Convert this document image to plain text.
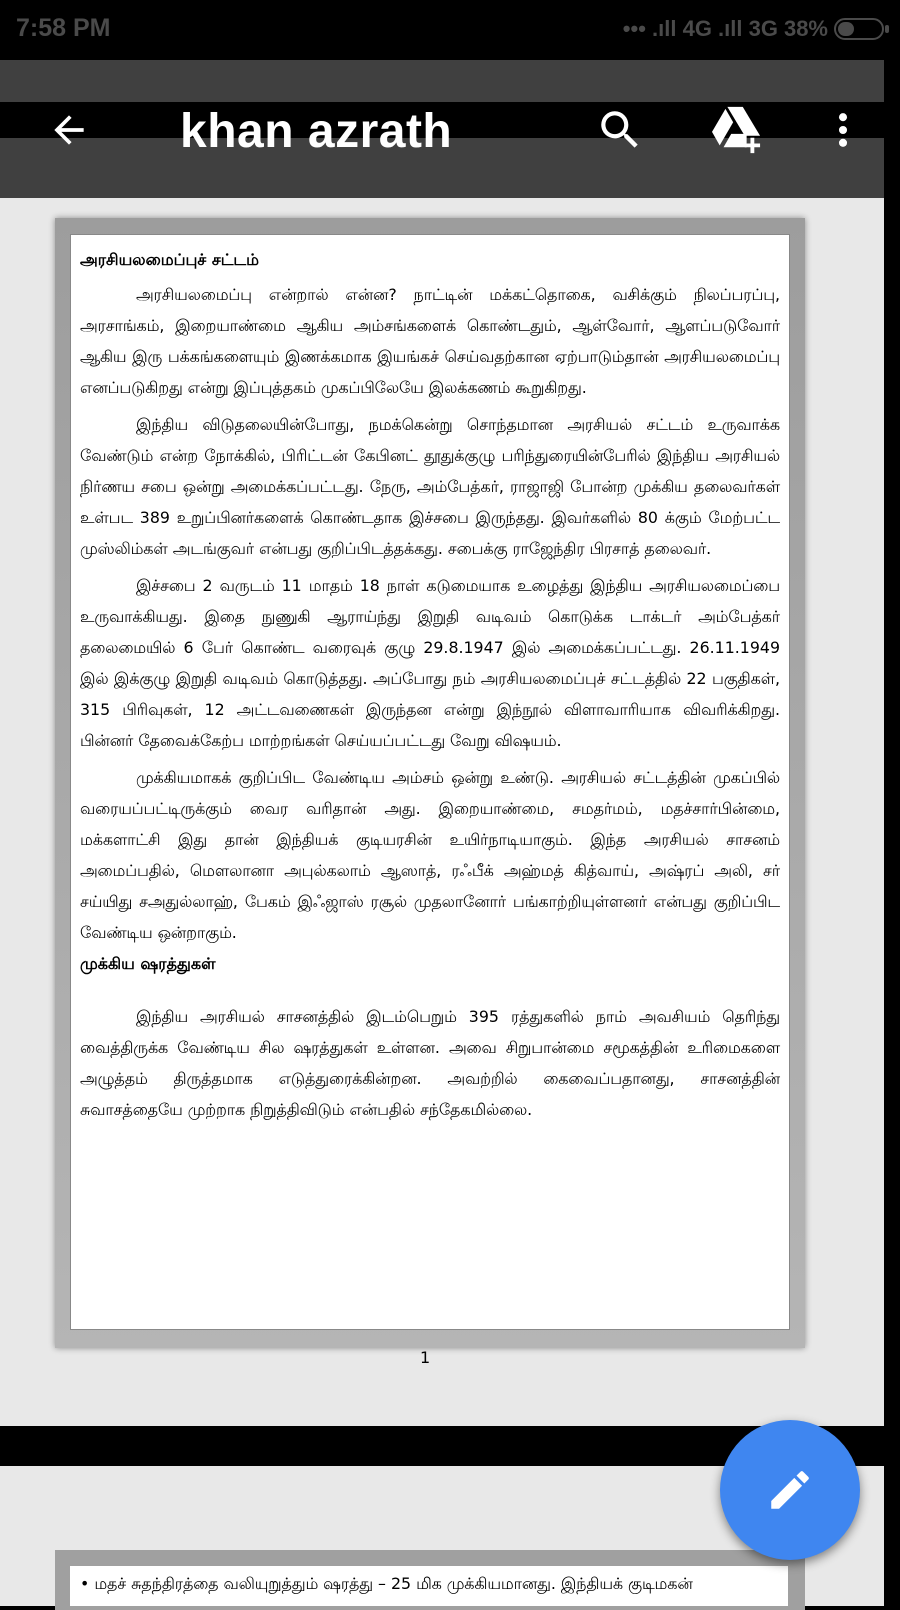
7:58 PM	••• .ıll 4G .ıll 3G 38%
khan azrath
அரசியலமைப்புச் சட்டம்

அரசியலமைப்பு என்றால் என்ன? நாட்டின் மக்கட்தொகை, வசிக்கும் நிலப்பரப்பு, அரசாங்கம், இறையாண்மை ஆகிய அம்சங்களைக் கொண்டதும், ஆள்வோர், ஆளப்படுவோர் ஆகிய இரு பக்கங்களையும் இணக்கமாக இயங்கச் செய்வதற்கான ஏற்பாடும்தான் அரசியலமைப்பு எனப்படுகிறது என்று இப்புத்தகம் முகப்பிலேயே இலக்கணம் கூறுகிறது.

இந்திய விடுதலையின்போது, நமக்கென்று சொந்தமான அரசியல் சட்டம் உருவாக்க வேண்டும் என்ற நோக்கில், பிரிட்டன் கேபினட் தூதுக்குழு பரிந்துரையின்பேரில் இந்திய அரசியல் நிர்ணய சபை ஒன்று அமைக்கப்பட்டது. நேரு, அம்பேத்கர், ராஜாஜி போன்ற முக்கிய தலைவர்கள் உள்பட 389 உறுப்பினர்களைக் கொண்டதாக இச்சபை இருந்தது. இவர்களில் 80 க்கும் மேற்பட்ட முஸ்லிம்கள் அடங்குவர் என்பது குறிப்பிடத்தக்கது. சபைக்கு ராஜேந்திர பிரசாத் தலைவர்.

இச்சபை 2 வருடம் 11 மாதம் 18 நாள் கடுமையாக உழைத்து இந்திய அரசியலமைப்பை உருவாக்கியது. இதை நுணுகி ஆராய்ந்து இறுதி வடிவம் கொடுக்க டாக்டர் அம்பேத்கர் தலைமையில் 6 பேர் கொண்ட வரைவுக் குழு 29.8.1947 இல் அமைக்கப்பட்டது. 26.11.1949 இல் இக்குழு இறுதி வடிவம் கொடுத்தது. அப்போது நம் அரசியலமைப்புச் சட்டத்தில் 22 பகுதிகள், 315 பிரிவுகள், 12 அட்டவணைகள் இருந்தன என்று இந்நூல் விளாவாரியாக விவரிக்கிறது. பின்னர் தேவைக்கேற்ப மாற்றங்கள் செய்யப்பட்டது வேறு விஷயம்.

முக்கியமாகக் குறிப்பிட வேண்டிய அம்சம் ஒன்று உண்டு. அரசியல் சட்டத்தின் முகப்பில் வரையப்பட்டிருக்கும் வைர வரிதான் அது. இறையாண்மை, சமதர்மம், மதச்சார்பின்மை, மக்களாட்சி இது தான் இந்தியக் குடியரசின் உயிர்நாடியாகும். இந்த அரசியல் சாசனம் அமைப்பதில், மௌலானா அபுல்கலாம் ஆஸாத், ரஃபீக் அஹ்மத் கித்வாய், அஷ்ரப் அலி, சர் சய்யிது சஅதுல்லாஹ், பேகம் இஃஜாஸ் ரசூல் முதலானோர் பங்காற்றியுள்ளனர் என்பது குறிப்பிட வேண்டிய ஒன்றாகும்.

முக்கிய ஷரத்துகள்

இந்திய அரசியல் சாசனத்தில் இடம்பெறும் 395 ரத்துகளில் நாம் அவசியம் தெரிந்து வைத்திருக்க வேண்டிய சில ஷரத்துகள் உள்ளன. அவை சிறுபான்மை சமூகத்தின் உரிமைகளை அழுத்தம் திருத்தமாக எடுத்துரைக்கின்றன. அவற்றில் கைவைப்பதானது, சாசனத்தின் சுவாசத்தையே முற்றாக நிறுத்திவிடும் என்பதில் சந்தேகமில்லை.

1
• மதச் சுதந்திரத்தை வலியுறுத்தும் ஷரத்து – 25 மிக முக்கியமானது. இந்தியக் குடிமகன்
